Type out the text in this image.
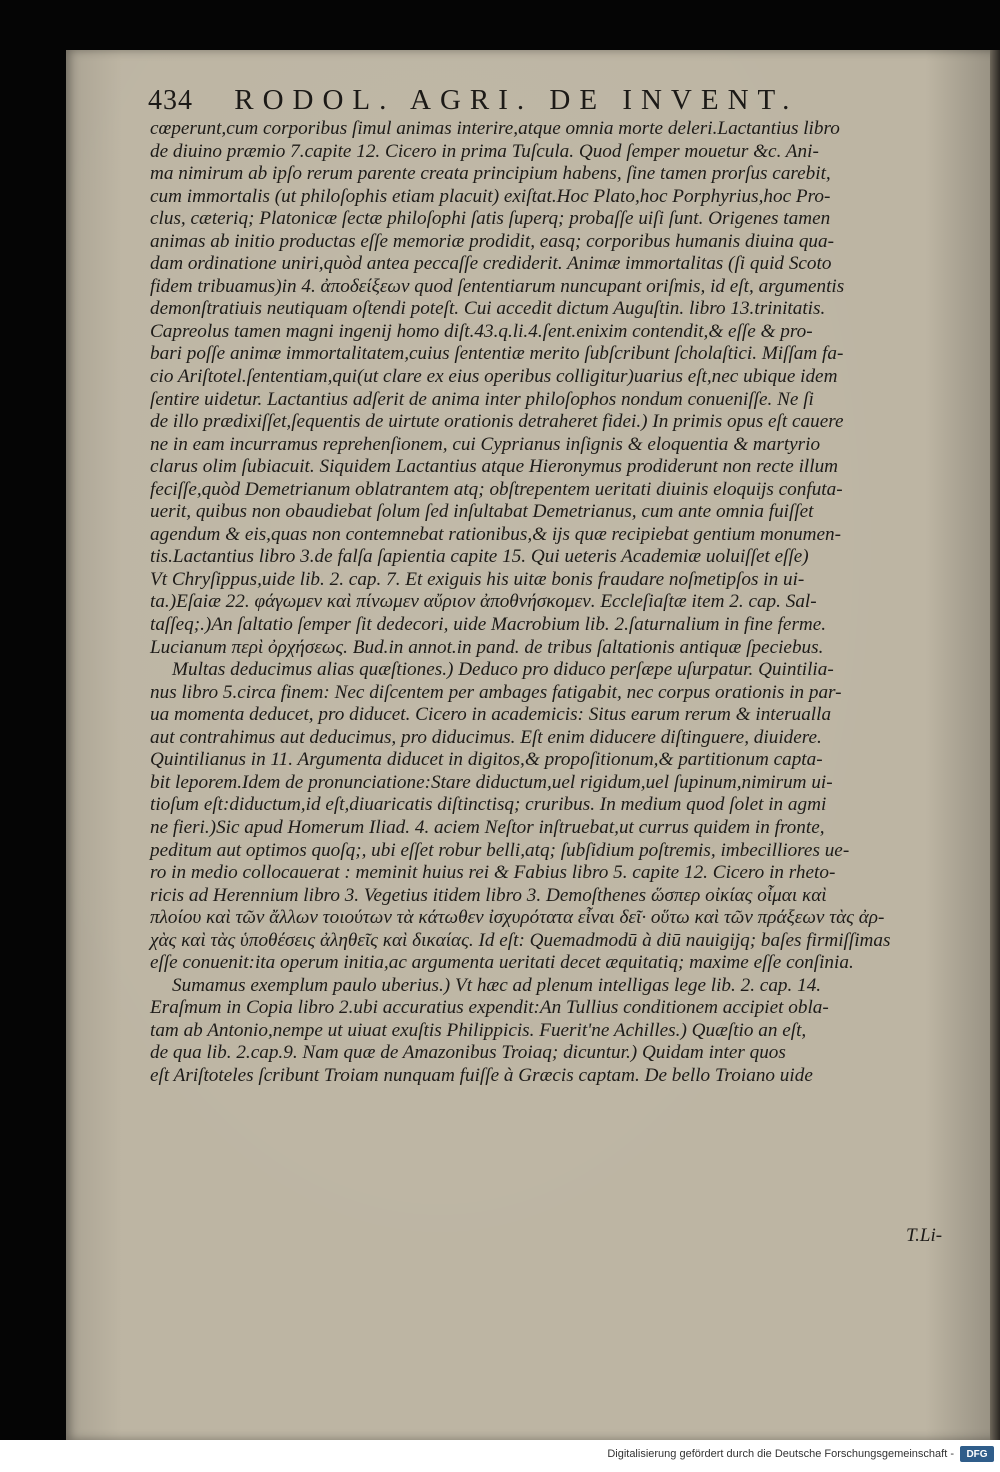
434 RODOL. AGRI. DE INVENT.
cœperunt,cum corporibus ſimul animas interire,atque omnia morte deleri.Lactantius libro
de diuino præmio 7.capite 12. Cicero in prima Tuſcula. Quod ſemper mouetur &c. Ani-
ma nimirum ab ipſo rerum parente creata principium habens, ſine tamen prorſus carebit,
cum immortalis (ut philoſophis etiam placuit) exiſtat.Hoc Plato,hoc Porphyrius,hoc Pro-
clus, cæteriq; Platonicæ ſectæ philoſophi ſatis ſuperq; probaſſe uiſi ſunt. Origenes tamen
animas ab initio productas eſſe memoriæ prodidit, easq; corporibus humanis diuina qua-
dam ordinatione uniri,quòd antea peccaſſe crediderit. Animæ immortalitas (ſi quid Scoto
fidem tribuamus)in 4. ἀποδείξεων quod ſententiarum nuncupant oriſmis, id eſt, argumentis
demonſtratiuis neutiquam oſtendi poteſt. Cui accedit dictum Auguſtin. libro 13.trinitatis.
Capreolus tamen magni ingenij homo diſt.43.q.li.4.ſent.enixim contendit,& eſſe & pro-
bari poſſe animæ immortalitatem,cuius ſententiæ merito ſubſcribunt ſcholaſtici. Miſſam fa-
cio Ariſtotel.ſententiam,qui(ut clare ex eius operibus colligitur)uarius eſt,nec ubique idem
ſentire uidetur. Lactantius adſerit de anima inter philoſophos nondum conueniſſe. Ne ſi
de illo prædixiſſet,ſequentis de uirtute orationis detraheret fidei.) In primis opus eſt cauere
ne in eam incurramus reprehenſionem, cui Cyprianus inſignis & eloquentia & martyrio
clarus olim ſubiacuit. Siquidem Lactantius atque Hieronymus prodiderunt non recte illum
feciſſe,quòd Demetrianum oblatrantem atq; obſtrepentem ueritati diuinis eloquijs confuta-
uerit, quibus non obaudiebat ſolum ſed inſultabat Demetrianus, cum ante omnia fuiſſet
agendum & eis,quas non contemnebat rationibus,& ijs quæ recipiebat gentium monumen-
tis.Lactantius libro 3.de falſa ſapientia capite 15. Qui ueteris Academiæ uoluiſſet eſſe)
Vt Chryſippus,uide lib. 2. cap. 7. Et exiguis his uitæ bonis fraudare noſmetipſos in ui-
ta.)Eſaiæ 22. φάγωμεν καὶ πίνωμεν αὔριον ἀποθνήσκομεν. Eccleſiaſtæ item 2. cap. Sal-
taſſeq;.)An ſaltatio ſemper ſit dedecori, uide Macrobium lib. 2.ſaturnalium in fine ferme.
Lucianum περὶ ὀρχήσεως. Bud.in annot.in pand. de tribus ſaltationis antiquæ ſpeciebus.
Multas deducimus alias quæſtiones.) Deduco pro diduco perſæpe uſurpatur. Quintilia-
nus libro 5.circa finem: Nec diſcentem per ambages fatigabit, nec corpus orationis in par-
ua momenta deducet, pro diducet. Cicero in academicis: Situs earum rerum & interualla
aut contrahimus aut deducimus, pro diducimus. Eſt enim diducere diſtinguere, diuidere.
Quintilianus in 11. Argumenta diducet in digitos,& propoſitionum,& partitionum capta-
bit leporem.Idem de pronunciatione:Stare diductum,uel rigidum,uel ſupinum,nimirum ui-
tioſum eſt:diductum,id eſt,diuaricatis diſtinctisq; cruribus. In medium quod ſolet in agmi
ne fieri.)Sic apud Homerum Iliad. 4. aciem Neſtor inſtruebat,ut currus quidem in fronte,
peditum aut optimos quoſq;, ubi eſſet robur belli,atq; ſubſidium poſtremis, imbecilliores ue-
ro in medio collocauerat : meminit huius rei & Fabius libro 5. capite 12. Cicero in rheto-
ricis ad Herennium libro 3. Vegetius itidem libro 3. Demoſthenes ὥσπερ οἰκίας οἶμαι καὶ
πλοίου καὶ τῶν ἄλλων τοιούτων τὰ κάτωθεν ἰσχυρότατα εἶναι δεῖ· οὕτω καὶ τῶν πράξεων τὰς ἀρ-
χὰς καὶ τὰς ὑποθέσεις ἀληθεῖς καὶ δικαίας. Id eſt: Quemadmodū à diū nauigijq; baſes firmiſſimas
eſſe conuenit:ita operum initia,ac argumenta ueritati decet æquitatiq; maxime eſſe conſinia.
Sumamus exemplum paulo uberius.) Vt hæc ad plenum intelligas lege lib. 2. cap. 14.
Eraſmum in Copia libro 2.ubi accuratius expendit:An Tullius conditionem accipiet obla-
tam ab Antonio,nempe ut uiuat exuſtis Philippicis. Fuerit'ne Achilles.) Quæſtio an eſt,
de qua lib. 2.cap.9. Nam quæ de Amazonibus Troiaq; dicuntur.) Quidam inter quos
eſt Ariſtoteles ſcribunt Troiam nunquam fuiſſe à Græcis captam. De bello Troiano uide
T.Li-
Digitalisierung gefördert durch die Deutsche Forschungsgemeinschaft -	DFG
